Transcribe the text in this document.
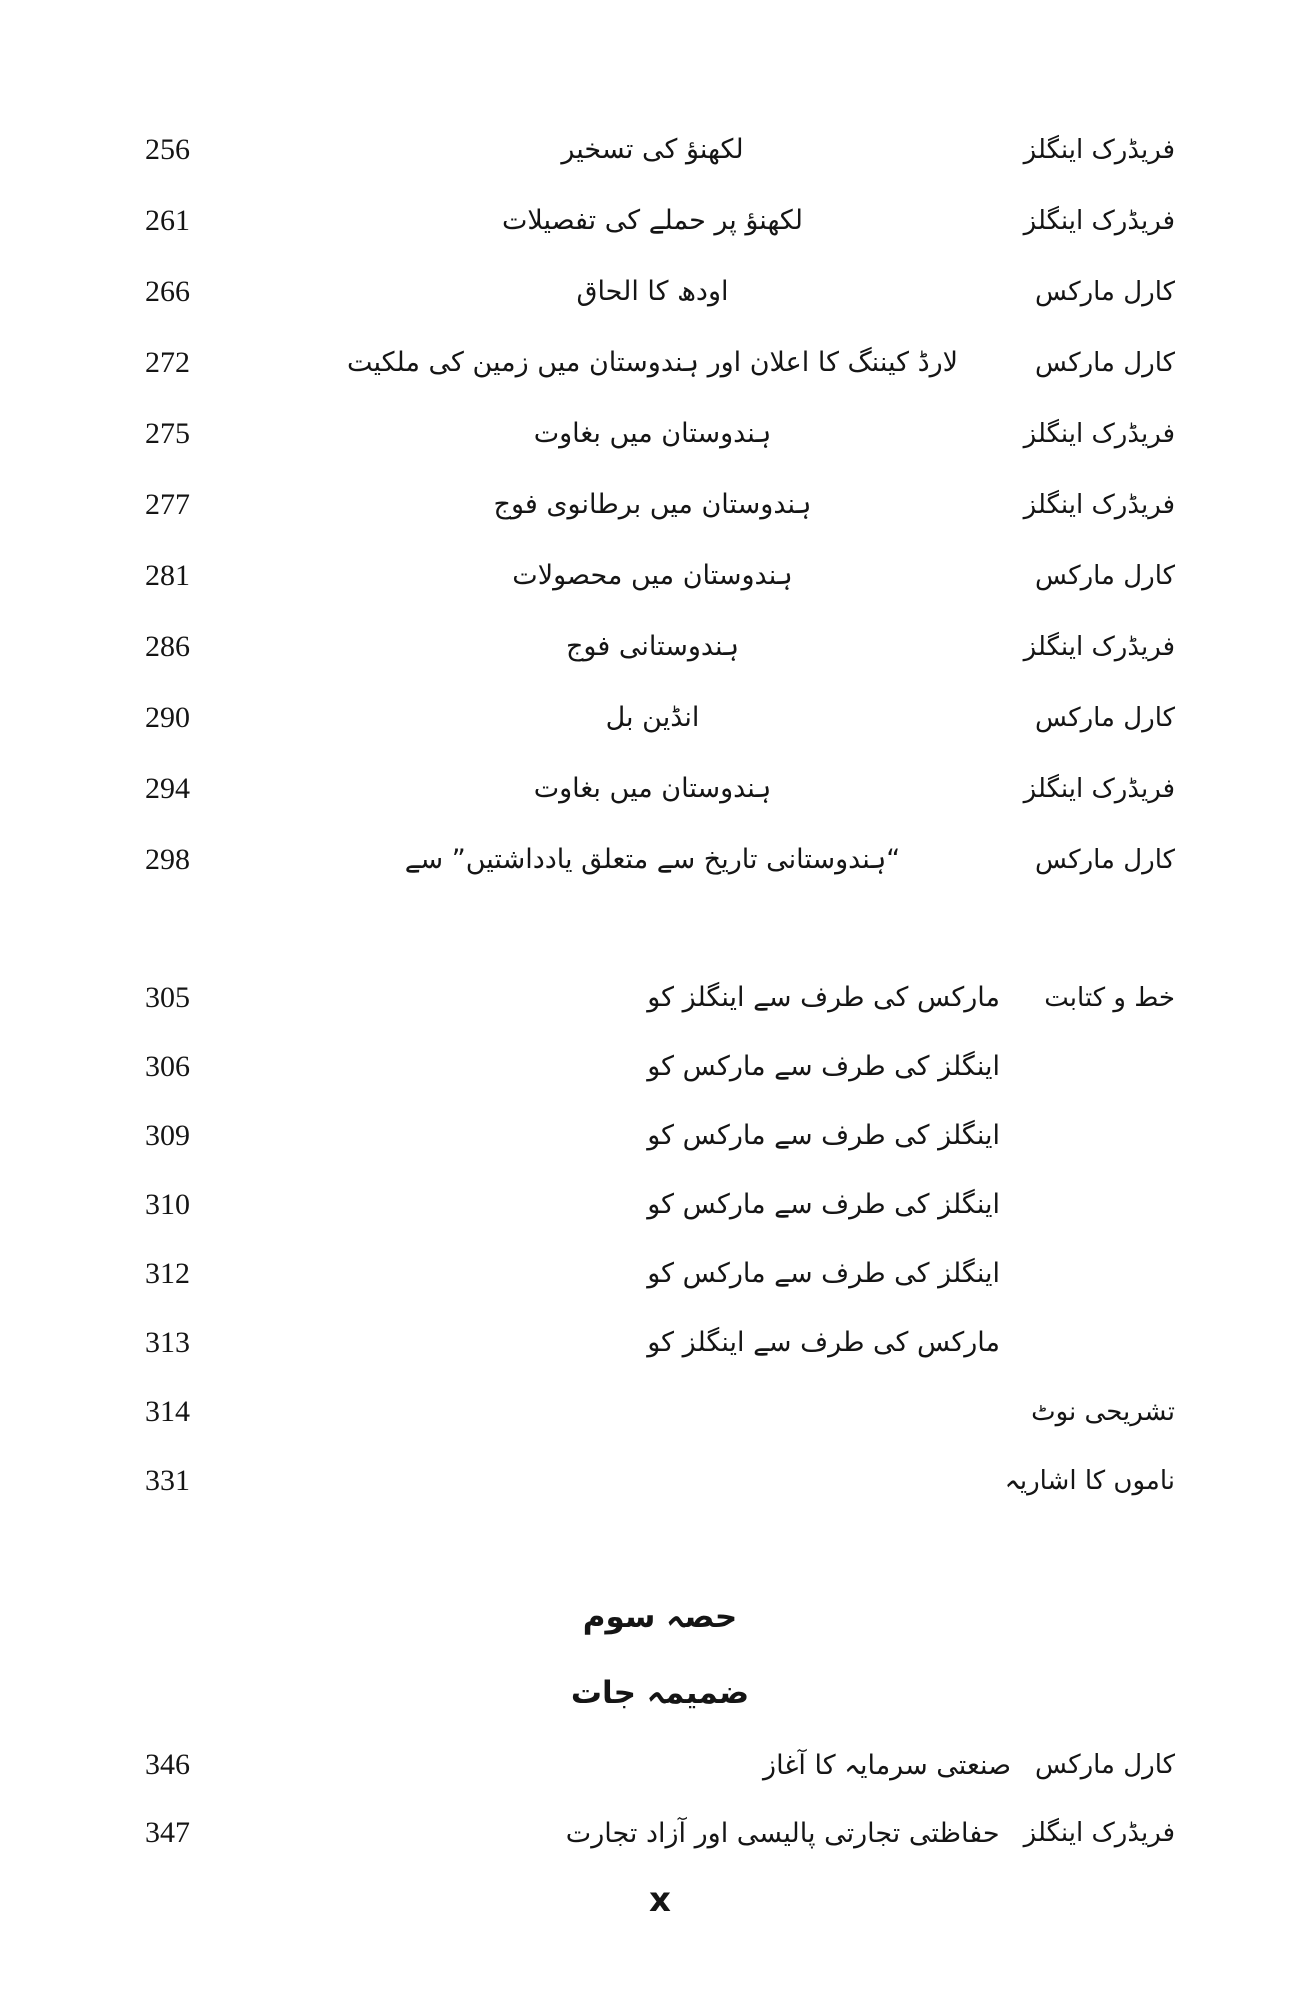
فریڈرک اینگلز
لکھنؤ کی تسخیر
256
فریڈرک اینگلز
لکھنؤ پر حملے کی تفصیلات
261
کارل مارکس
اودھ کا الحاق
266
کارل مارکس
لارڈ کیننگ کا اعلان اور ہندوستان میں زمین کی ملکیت
272
فریڈرک اینگلز
ہندوستان میں بغاوت
275
فریڈرک اینگلز
ہندوستان میں برطانوی فوج
277
کارل مارکس
ہندوستان میں محصولات
281
فریڈرک اینگلز
ہندوستانی فوج
286
کارل مارکس
انڈین بل
290
فریڈرک اینگلز
ہندوستان میں بغاوت
294
کارل مارکس
“ہندوستانی تاریخ سے متعلق یادداشتیں” سے
298
خط و کتابت
مارکس کی طرف سے اینگلز کو
305
اینگلز کی طرف سے مارکس کو
306
اینگلز کی طرف سے مارکس کو
309
اینگلز کی طرف سے مارکس کو
310
اینگلز کی طرف سے مارکس کو
312
مارکس کی طرف سے اینگلز کو
313
تشریحی نوٹ
314
ناموں کا اشاریہ
331
حصہ سوم
ضمیمہ جات
کارل مارکس
صنعتی سرمایہ کا آغاز
346
فریڈرک اینگلز
حفاظتی تجارتی پالیسی اور آزاد تجارت
347
x
